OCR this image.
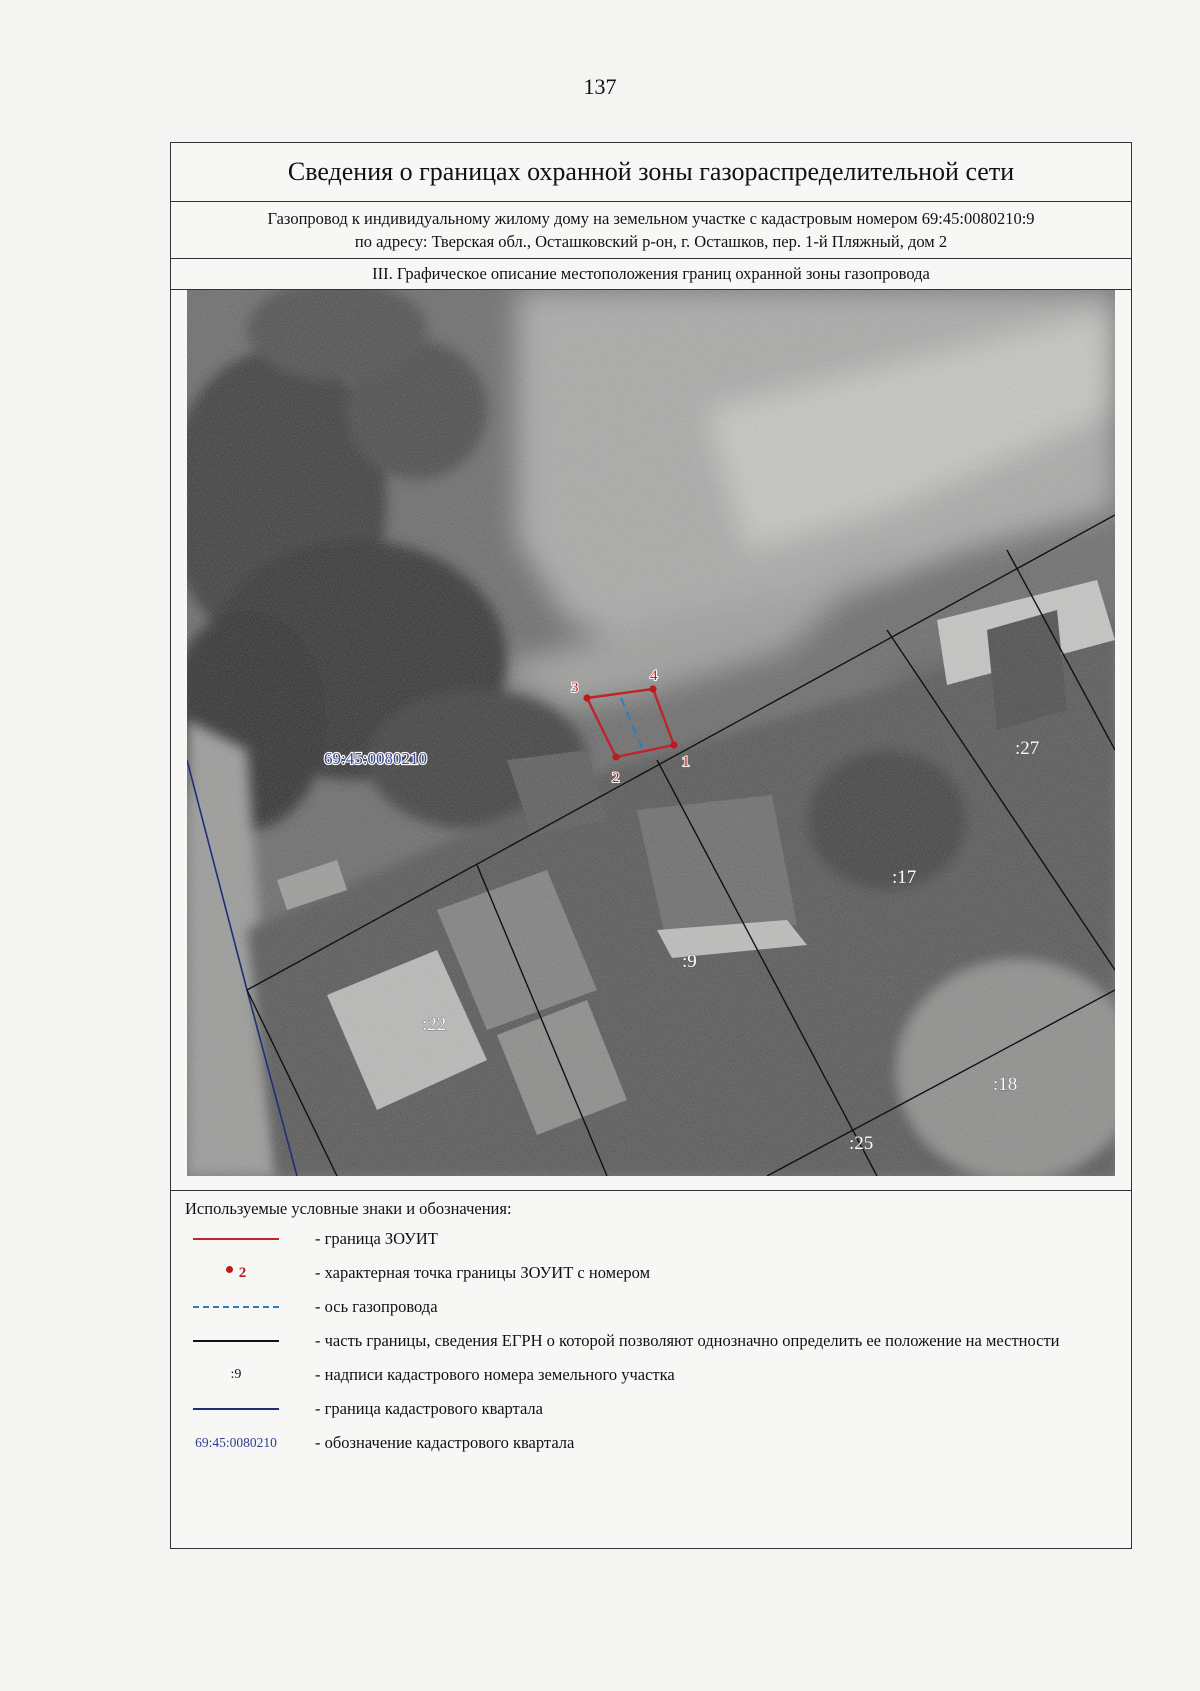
137
Сведения о границах охранной зоны газораспределительной сети
Газопровод к индивидуальному жилому дому на земельном участке с кадастровым номером 69:45:0080210:9
по адресу: Тверская обл., Осташковский р-он, г. Осташков, пер. 1-й Пляжный, дом 2
III. Графическое описание местоположения границ охранной зоны газопровода
1
2
3
4
69:45:0080210	:27
:17
:9
:22
:18
:25
Используемые условные знаки и обозначения:
- граница ЗОУИТ
2	- характерная точка границы ЗОУИТ с номером
- ось газопровода
- часть границы, сведения ЕГРН о которой позволяют однозначно определить ее положение на местности
:9	- надписи кадастрового номера земельного участка
- граница кадастрового квартала
69:45:0080210 - обозначение кадастрового квартала
